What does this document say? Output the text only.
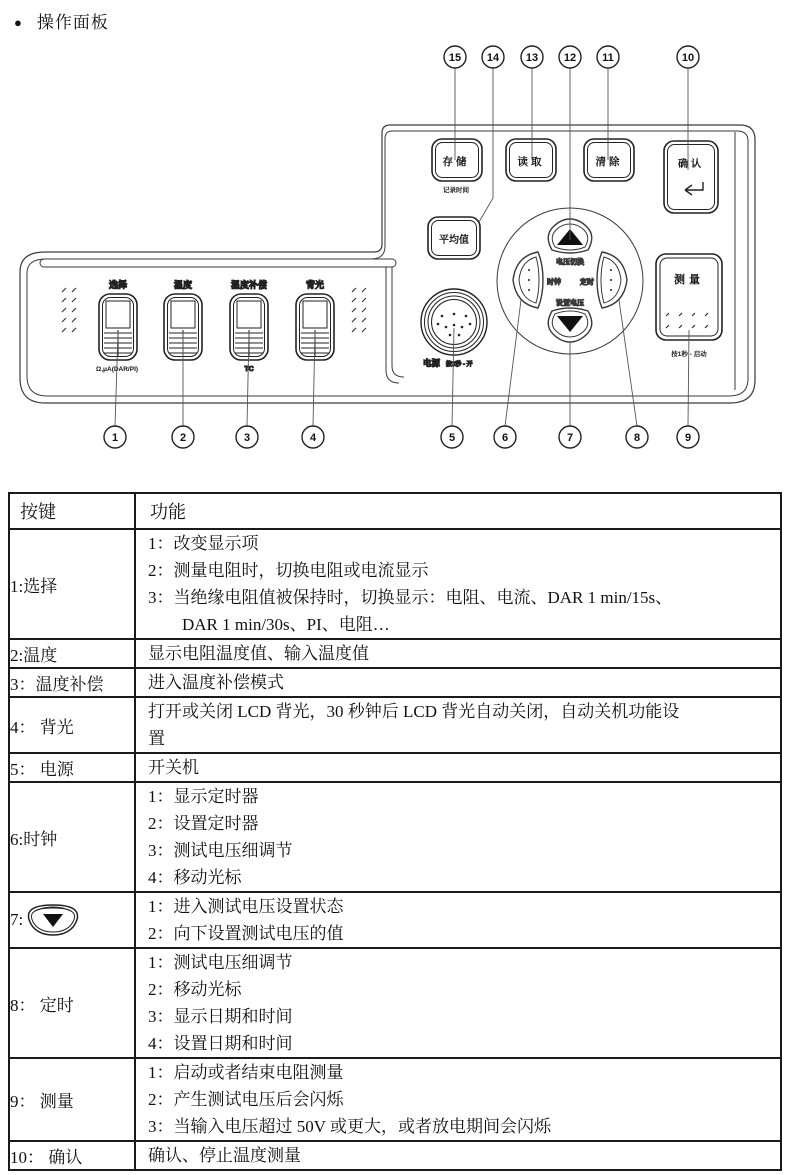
● 操作面板
选择
Ω,μA(DAR/PI)
温度	温度补偿
TC
背光
电源 按2秒 - 开
电压切换
时钟	定时
设置电压
存储
记录时间
读取	清除	确认
平均值
测量
按1秒 - 启动
15 14 13 12 11	10
1	2	3	4	5	6	7	8	9
按键	功能
1:选择	1：改变显示项
2：测量电阻时，切换电阻或电流显示
3：当绝缘电阻值被保持时，切换显示：电阻、电流、DAR 1 min/15s、
DAR 1 min/30s、PI、电阻…

2:温度	显示电阻温度值、输入温度值

3：温度补偿	进入温度补偿模式

4： 背光	打开或关闭 LCD 背光，30 秒钟后 LCD 背光自动关闭，自动关机功能设
置

5： 电源	开关机

6:时钟	1：显示定时器
2：设置定时器
3：测试电压细调节
4：移动光标

7:	1：进入测试电压设置状态
2：向下设置测试电压的值

8： 定时	1：测试电压细调节
2：移动光标
3：显示日期和时间
4：设置日期和时间

9： 测量	1：启动或者结束电阻测量
2：产生测试电压后会闪烁
3：当输入电压超过 50V 或更大，或者放电期间会闪烁

10： 确认	确认、停止温度测量
